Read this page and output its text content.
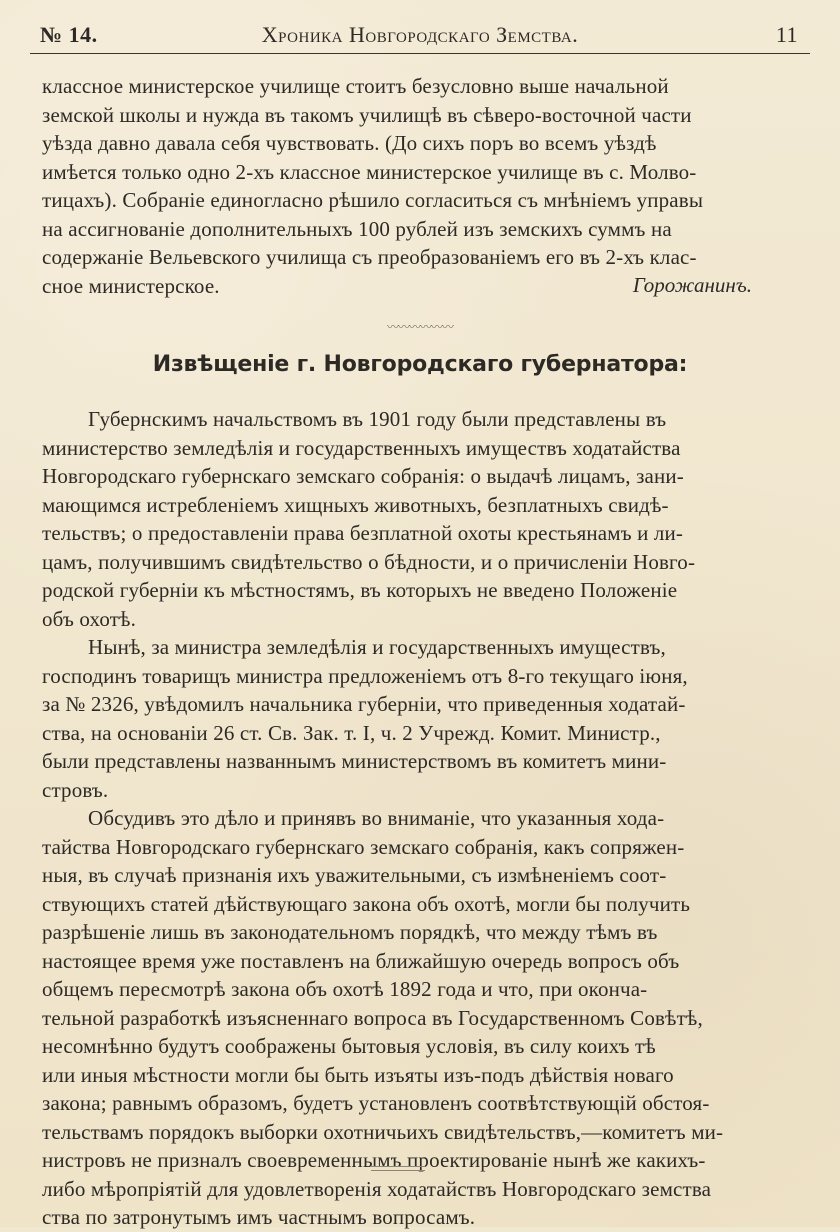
№ 14.	Хроника Новгородскаго Земства.	11

классное министерское училище стоитъ безусловно выше начальной

земской школы и нужда въ такомъ училищѣ въ сѣверо-восточной части

уѣзда давно давала себя чувствовать. (До сихъ поръ во всемъ уѣздѣ

имѣется только одно 2-хъ классное министерское училище въ с. Молво-

тицахъ). Собраніе единогласно рѣшило согласиться съ мнѣніемъ управы

на ассигнованіе дополнительныхъ 100 рублей изъ земскихъ суммъ на

содержаніе Вельевского училища съ преобразованіемъ его въ 2-хъ клас-

сное министерское.	Горожанинъ.
〰〰〰〰〰〰
Извѣщеніе г. Новгородскаго губернатора:

Губернскимъ начальствомъ въ 1901 году были представлены въ

министерство земледѣлія и государственныхъ имуществъ ходатайства

Новгородскаго губернскаго земскаго собранія: о выдачѣ лицамъ, зани-

мающимся истребленіемъ хищныхъ животныхъ, безплатныхъ свидѣ-

тельствъ; о предоставленіи права безплатной охоты крестьянамъ и ли-

цамъ, получившимъ свидѣтельство о бѣдности, и о причисленіи Новго-

родской губерніи къ мѣстностямъ, въ которыхъ не введено Положеніе

объ охотѣ.

Нынѣ, за министра земледѣлія и государственныхъ имуществъ,

господинъ товарищъ министра предложеніемъ отъ 8-го текущаго іюня,

за № 2326, увѣдомилъ начальника губерніи, что приведенныя ходатай-

ства, на основаніи 26 ст. Св. Зак. т. I, ч. 2 Учрежд. Комит. Министр.,

были представлены названнымъ министерствомъ въ комитетъ мини-

стровъ.

Обсудивъ это дѣло и принявъ во вниманіе, что указанныя хода-

тайства Новгородскаго губернскаго земскаго собранія, какъ сопряжен-

ныя, въ случаѣ признанія ихъ уважительными, съ измѣненіемъ соот-

ствующихъ статей дѣйствующаго закона объ охотѣ, могли бы получить

разрѣшеніе лишь въ законодательномъ порядкѣ, что между тѣмъ въ

настоящее время уже поставленъ на ближайшую очередь вопросъ объ

общемъ пересмотрѣ закона объ охотѣ 1892 года и что, при оконча-

тельной разработкѣ изъясненнаго вопроса въ Государственномъ Совѣтѣ,

несомнѣнно будутъ соображены бытовыя условія, въ силу коихъ тѣ

или иныя мѣстности могли бы быть изъяты изъ-подъ дѣйствія новаго

закона; равнымъ образомъ, будетъ установленъ соотвѣтствующій обстоя-

тельствамъ порядокъ выборки охотничьихъ свидѣтельствъ,—комитетъ ми-

нистровъ не призналъ своевременнымъ проектированіе нынѣ же какихъ-

либо мѣропріятій для удовлетворенія ходатайствъ Новгородскаго земства

ства по затронутымъ имъ частнымъ вопросамъ.
